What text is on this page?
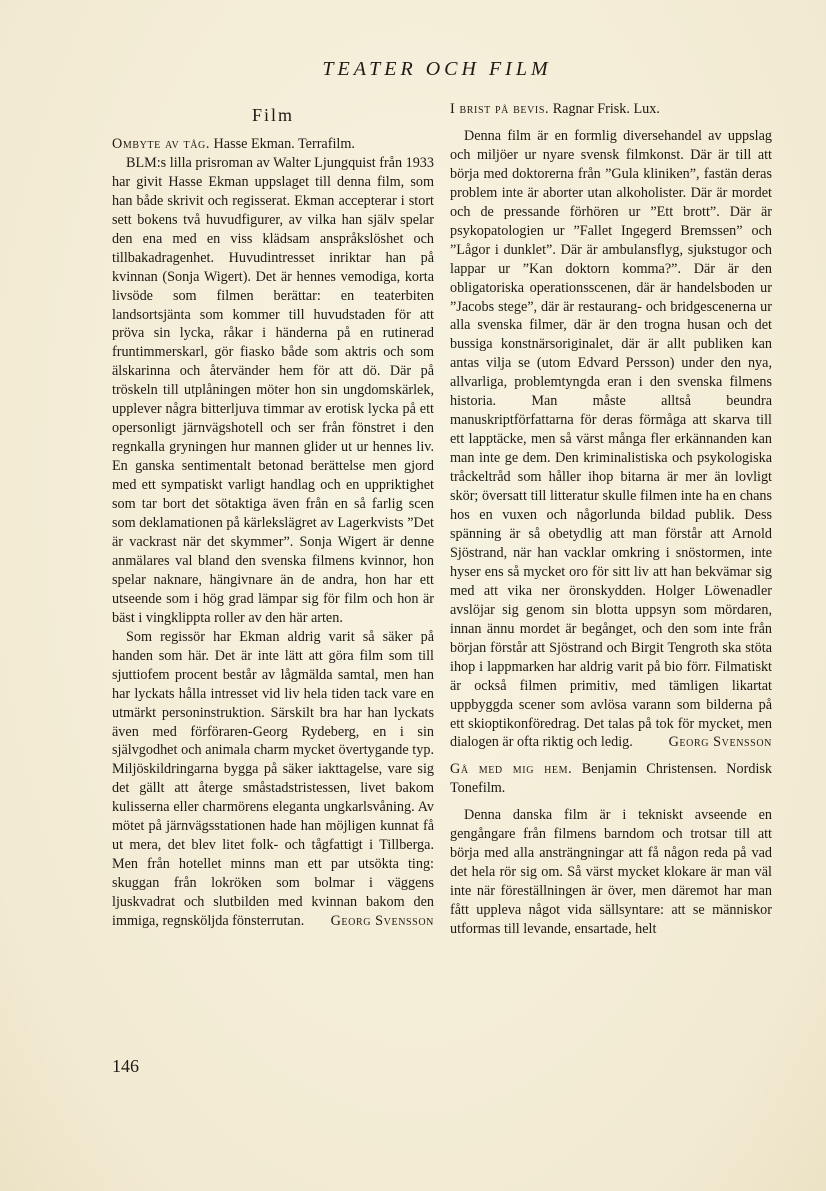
TEATER OCH FILM
Film

Ombyte av tåg. Hasse Ekman. Terrafilm.

BLM:s lilla prisroman av Walter Ljungquist från 1933 har givit Hasse Ekman uppslaget till denna film, som han både skrivit och regisserat. Ekman accepterar i stort sett bokens två huvudfigurer, av vilka han själv spelar den ena med en viss klädsam anspråkslöshet och tillbakadragenhet. Huvudintresset inriktar han på kvinnan (Sonja Wigert). Det är hennes vemodiga, korta livsöde som filmen berättar: en teaterbiten landsortsjänta som kommer till huvudstaden för att pröva sin lycka, råkar i händerna på en rutinerad fruntimmerskarl, gör fiasko både som aktris och som älskarinna och återvänder hem för att dö. Där på tröskeln till utplåningen möter hon sin ungdomskärlek, upplever några bitterljuva timmar av erotisk lycka på ett opersonligt järnvägshotell och ser från fönstret i den regnkalla gryningen hur mannen glider ut ur hennes liv. En ganska sentimentalt betonad berättelse men gjord med ett sympatiskt varligt handlag och en uppriktighet som tar bort det sötaktiga även från en så farlig scen som deklamationen på kärlekslägret av Lagerkvists ”Det är vackrast när det skymmer”. Sonja Wigert är denne anmälares val bland den svenska filmens kvinnor, hon spelar naknare, hängivnare än de andra, hon har ett utseende som i hög grad lämpar sig för film och hon är bäst i vingklippta roller av den här arten.

Som regissör har Ekman aldrig varit så säker på handen som här. Det är inte lätt att göra film som till sjuttiofem procent består av lågmälda samtal, men han har lyckats hålla intresset vid liv hela tiden tack vare en utmärkt personinstruktion. Särskilt bra har han lyckats även med förföraren-Georg Rydeberg, en i sin självgodhet och animala charm mycket övertygande typ. Miljöskildringarna bygga på säker iakttagelse, vare sig det gällt att återge småstadstristessen, livet bakom kulisserna eller charmörens eleganta ungkarlsvåning. Av mötet på järnvägsstationen hade han möjligen kunnat få ut mera, det blev litet folk- och tågfattigt i Tillberga. Men från hotellet minns man ett par utsökta ting: skuggan från lokröken som bolmar i väggens ljuskvadrat och slutbilden med kvinnan bakom den immiga, regnsköljda fönsterrutan.	Georg Svensson

I brist på bevis. Ragnar Frisk. Lux.

Denna film är en formlig diversehandel av uppslag och miljöer ur nyare svensk filmkonst. Där är till att börja med doktorerna från ”Gula kliniken”, fastän deras problem inte är aborter utan alkoholister. Där är mordet och de pressande förhören ur ”Ett brott”. Där är psykopatologien ur ”Fallet Ingegerd Bremssen” och ”Lågor i dunklet”. Där är ambulansflyg, sjukstugor och lappar ur ”Kan doktorn komma?”. Där är den obligatoriska operationsscenen, där är handelsboden ur ”Jacobs stege”, där är restaurang- och bridgescenerna ur alla svenska filmer, där är den trogna husan och det bussiga konstnärsoriginalet, där är allt publiken kan antas vilja se (utom Edvard Persson) under den nya, allvarliga, problemtyngda eran i den svenska filmens historia. Man måste alltså beundra manuskriptförfattarna för deras förmåga att skarva till ett lapptäcke, men så värst många fler erkännanden kan man inte ge dem. Den kriminalistiska och psykologiska tråckeltråd som håller ihop bitarna är mer än lovligt skör; översatt till litteratur skulle filmen inte ha en chans hos en vuxen och någorlunda bildad publik. Dess spänning är så obetydlig att man förstår att Arnold Sjöstrand, när han vacklar omkring i snöstormen, inte hyser ens så mycket oro för sitt liv att han bekvämar sig med att vika ner öronskydden. Holger Löwenadler avslöjar sig genom sin blotta uppsyn som mördaren, innan ännu mordet är begånget, och den som inte från början förstår att Sjöstrand och Birgit Tengroth ska stöta ihop i lappmarken har aldrig varit på bio förr. Filmatiskt är också filmen primitiv, med tämligen likartat uppbyggda scener som avlösa varann som bilderna på ett skioptikonföredrag. Det talas på tok för mycket, men dialogen är ofta riktig och ledig.	Georg Svensson

Gå med mig hem. Benjamin Christensen. Nordisk Tonefilm.

Denna danska film är i tekniskt avseende en gengångare från filmens barndom och trotsar till att börja med alla ansträngningar att få någon reda på vad det hela rör sig om. Så värst mycket klokare är man väl inte när föreställningen är över, men däremot har man fått uppleva något vida sällsyntare: att se människor utformas till levande, ensartade, helt

146
